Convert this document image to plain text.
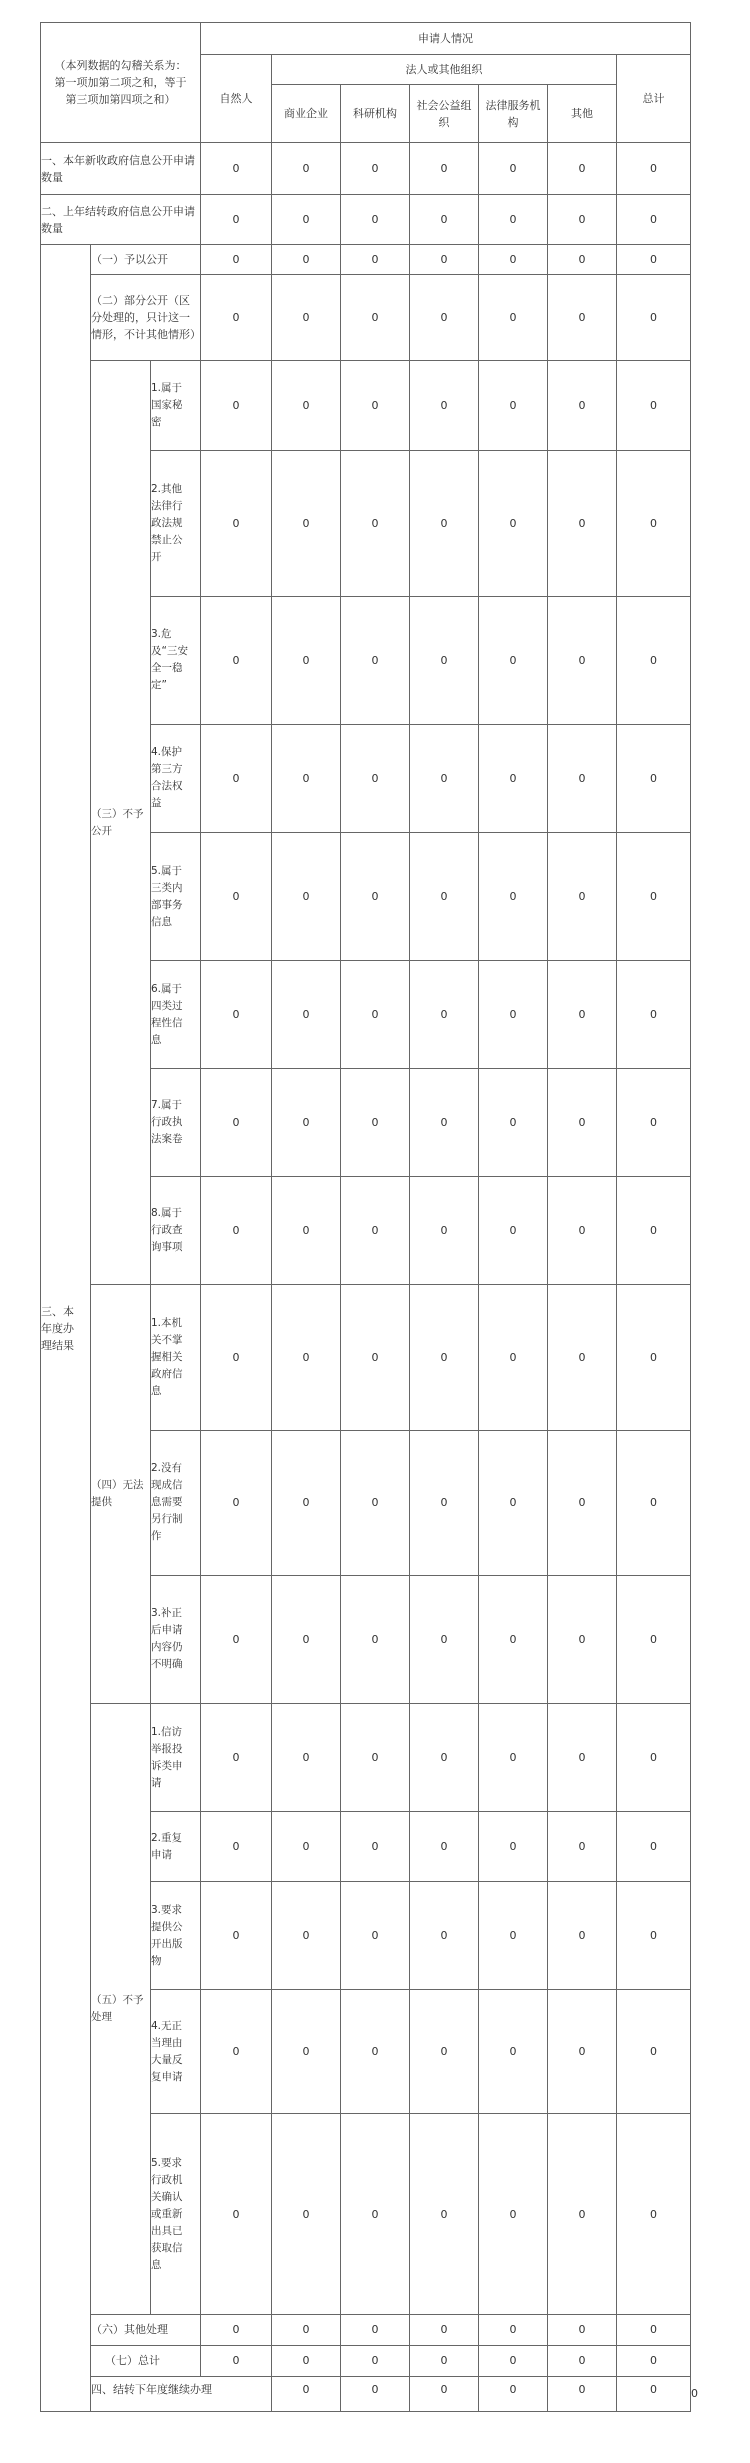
（本列数据的勾稽关系为：第一项加第二项之和，等于第三项加第四项之和）			申请人情况							
			自然人	法人或其他组织					总计	
				商业企业	科研机构	社会公益组织	法律服务机构	其他		
一、本年新收政府信息公开申请数量			0	0	0	0	0	0	0	
二、上年结转政府信息公开申请数量			0	0	0	0	0	0	0	

三、本年度办理结果	（一）予以公开		0	0	0	0	0	0	0	
	（二）部分公开（区分处理的，只计这一情形，不计其他情形）		0	0	0	0	0	0	0	

	（三）不予公开	1.属于国家秘密	0	0	0	0	0	0	0	

		2.其他法律行政法规禁止公开	0	0	0	0	0	0	0	

		3.危及“三安全一稳定”	0	0	0	0	0	0	0	

		4.保护第三方合法权益	0	0	0	0	0	0	0	

		5.属于三类内部事务信息	0	0	0	0	0	0	0	

		6.属于四类过程性信息	0	0	0	0	0	0	0	

		7.属于行政执法案卷	0	0	0	0	0	0	0	

		8.属于行政查询事项	0	0	0	0	0	0	0	

	（四）无法提供	1.本机关不掌握相关政府信息	0	0	0	0	0	0	0	

		2.没有现成信息需要另行制作	0	0	0	0	0	0	0	

		3.补正后申请内容仍不明确	0	0	0	0	0	0	0	

	（五）不予处理	1.信访举报投诉类申请	0	0	0	0	0	0	0	

		2.重复申请	0	0	0	0	0	0	0	

		3.要求提供公开出版物	0	0	0	0	0	0	0	

		4.无正当理由大量反复申请	0	0	0	0	0	0	0	

		5.要求行政机关确认或重新出具已获取信息	0	0	0	0	0	0	0	
	（六）其他处理		0	0	0	0	0	0	0	
	（七）总计		0	0	0	0	0	0	0	
	四、结转下年度继续办理			0	0	0	0	0	0	0
